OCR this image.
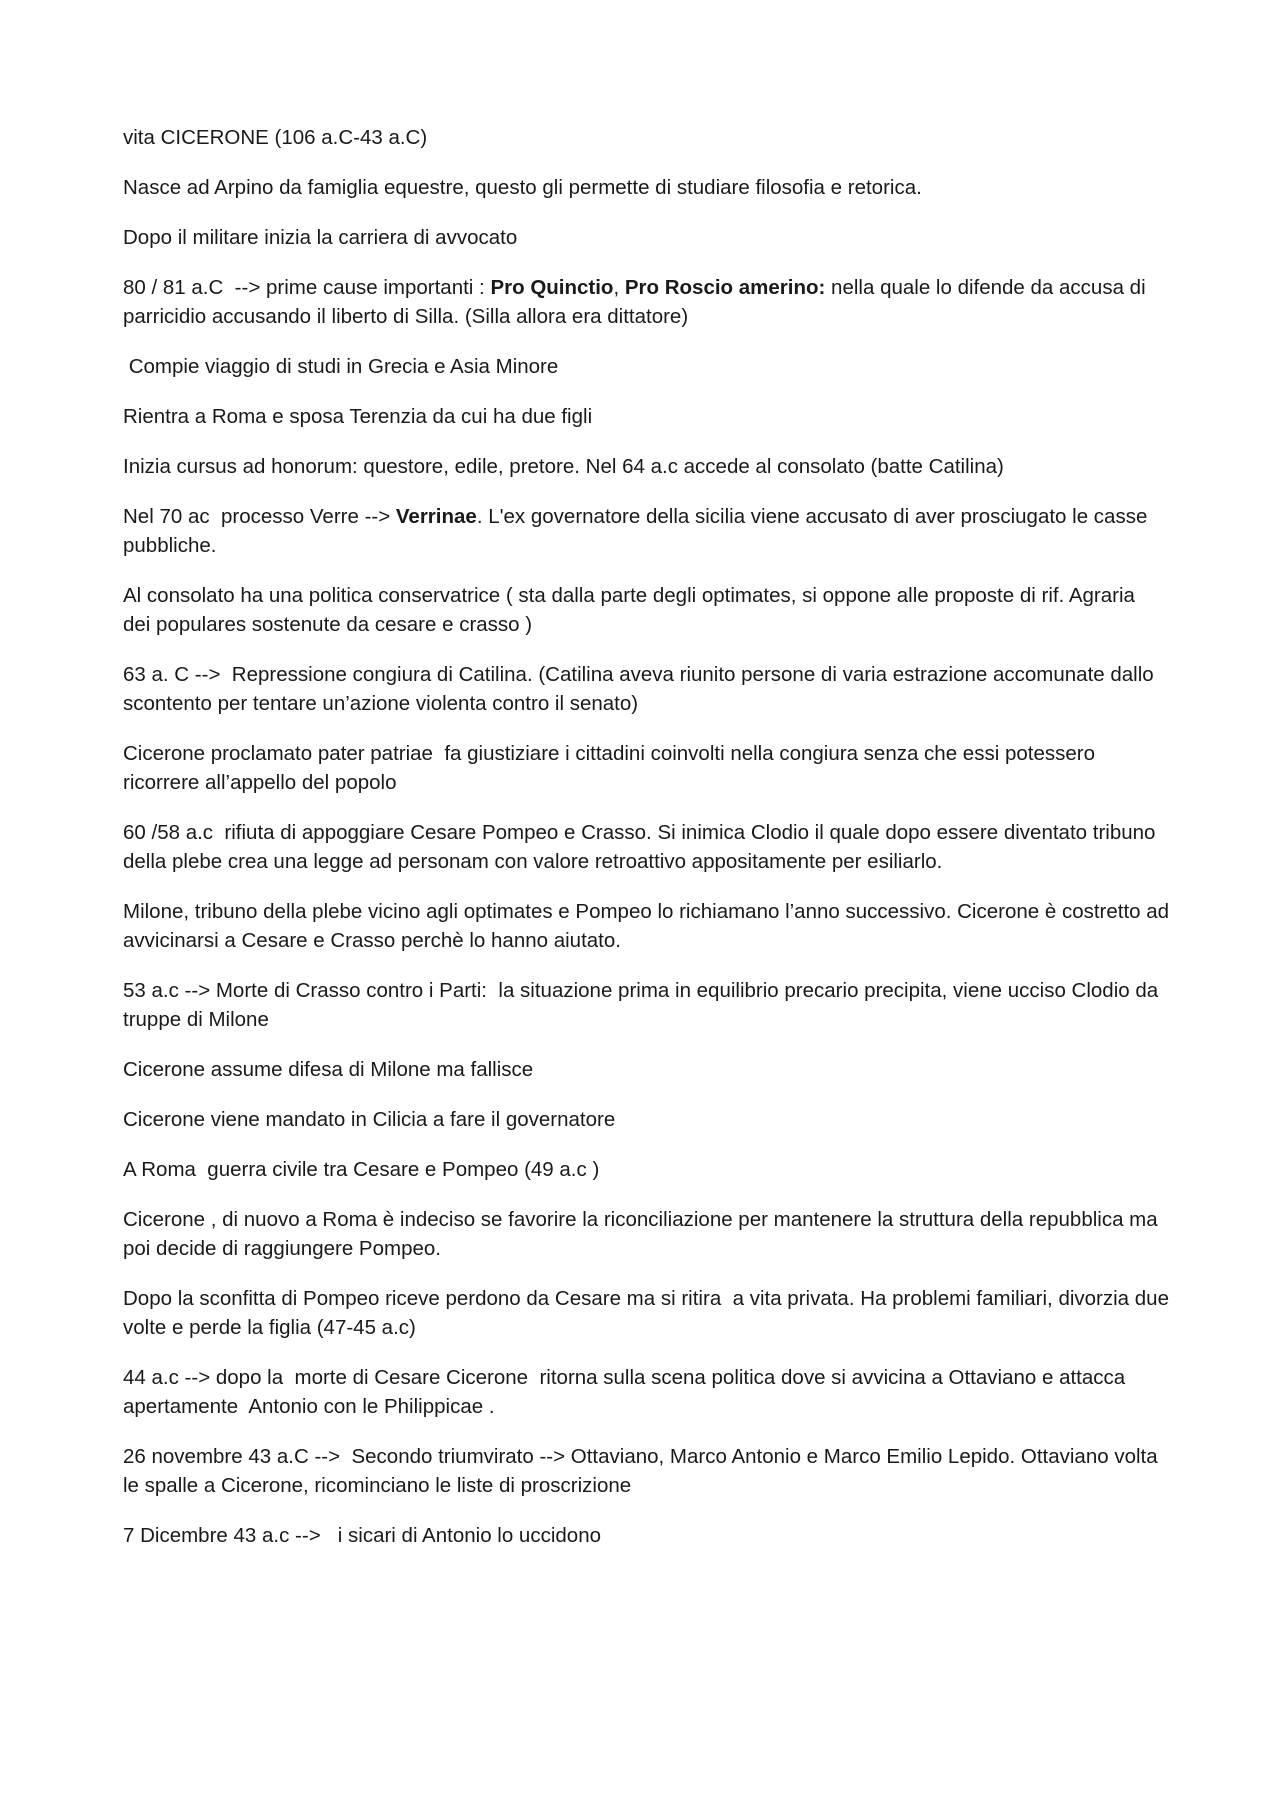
vita CICERONE (106 a.C-43 a.C)

Nasce ad Arpino da famiglia equestre, questo gli permette di studiare filosofia e retorica.

Dopo il militare inizia la carriera di avvocato

80 / 81 a.C  --> prime cause importanti : Pro Quinctio, Pro Roscio amerino: nella quale lo difende da accusa di parricidio accusando il liberto di Silla. (Silla allora era dittatore)

Compie viaggio di studi in Grecia e Asia Minore

Rientra a Roma e sposa Terenzia da cui ha due figli

Inizia cursus ad honorum: questore, edile, pretore. Nel 64 a.c accede al consolato (batte Catilina)

Nel 70 ac  processo Verre --> Verrinae. L'ex governatore della sicilia viene accusato di aver prosciugato le casse pubbliche.

Al consolato ha una politica conservatrice ( sta dalla parte degli optimates, si oppone alle proposte di rif. Agraria  dei populares sostenute da cesare e crasso )

63 a. C -->  Repressione congiura di Catilina. (Catilina aveva riunito persone di varia estrazione accomunate dallo scontento per tentare un’azione violenta contro il senato)

Cicerone proclamato pater patriae  fa giustiziare i cittadini coinvolti nella congiura senza che essi potessero ricorrere all’appello del popolo

60 /58 a.c  rifiuta di appoggiare Cesare Pompeo e Crasso. Si inimica Clodio il quale dopo essere diventato tribuno della plebe crea una legge ad personam con valore retroattivo appositamente per esiliarlo.

Milone, tribuno della plebe vicino agli optimates e Pompeo lo richiamano l’anno successivo. Cicerone è costretto ad avvicinarsi a Cesare e Crasso perchè lo hanno aiutato.

53 a.c --> Morte di Crasso contro i Parti:  la situazione prima in equilibrio precario precipita, viene ucciso Clodio da truppe di Milone

Cicerone assume difesa di Milone ma fallisce

Cicerone viene mandato in Cilicia a fare il governatore

A Roma  guerra civile tra Cesare e Pompeo (49 a.c )

Cicerone , di nuovo a Roma è indeciso se favorire la riconciliazione per mantenere la struttura della repubblica ma poi decide di raggiungere Pompeo.

Dopo la sconfitta di Pompeo riceve perdono da Cesare ma si ritira  a vita privata. Ha problemi familiari, divorzia due volte e perde la figlia (47-45 a.c)

44 a.c --> dopo la  morte di Cesare Cicerone  ritorna sulla scena politica dove si avvicina a Ottaviano e attacca apertamente  Antonio con le Philippicae .

26 novembre 43 a.C -->  Secondo triumvirato --> Ottaviano, Marco Antonio e Marco Emilio Lepido. Ottaviano volta le spalle a Cicerone, ricominciano le liste di proscrizione

7 Dicembre 43 a.c -->   i sicari di Antonio lo uccidono
